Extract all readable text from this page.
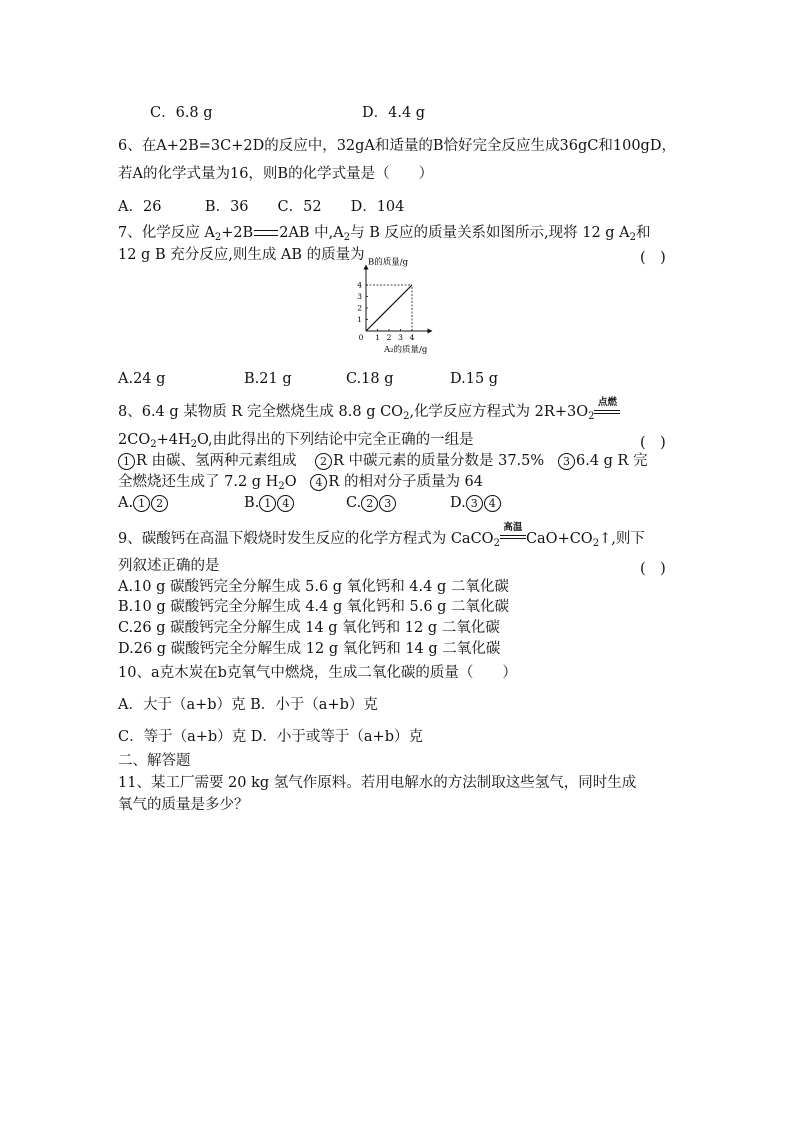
C．6.8 g	D．4.4 g
6、在A+2B=3C+2D的反应中，32gA和适量的B恰好完全反应生成36gC和100gD，
若A的化学式量为16，则B的化学式量是（　　）
A．26　　　B．36　　C．52　　D．104
7、化学反应 $A_2+2B$ 2AB 中$,A_2$与 B 反应的质量关系如图所示,现将 12 g $A_2$和
12 g B 充分反应,则生成 AB 的质量为	(　)
1 2 3 4
1
2
3
4
0
B的质量/g
A₂的质量/g
A.24 g	B.21 g	C.18 g	D.15 g
8、6.4 g 某物质 R 完全燃烧生成 8.8 g $CO_2$,化学反应方程式为 $2R+3O_2$
点燃
$2CO_2+4H_2O$,由此得出的下列结论中完全正确的一组是	(　)
1 R 由碳、氢两种元素组成 2 R 中碳元素的质量分数是 37.5% 3 6.4 g R 完
全燃烧还生成了 7.2 g $H_2O$ 4 R 的相对分子质量为 64
A. 1 2	B. 1 4	C. 2 3	D. 3 4
9、碳酸钙在高温下煅烧时发生反应的化学方程式为 CaCO$_2$
高温
$CaO+CO_2↑$,则下
列叙述正确的是	(　)
A.10 g 碳酸钙完全分解生成 5.6 g 氧化钙和 4.4 g 二氧化碳
B.10 g 碳酸钙完全分解生成 4.4 g 氧化钙和 5.6 g 二氧化碳
C.26 g 碳酸钙完全分解生成 14 g 氧化钙和 12 g 二氧化碳
D.26 g 碳酸钙完全分解生成 12 g 氧化钙和 14 g 二氧化碳
10、a克木炭在b克氧气中燃烧，生成二氧化碳的质量（　　）
A．大于（a+b）克 B．小于（a+b）克
C．等于（a+b）克 D．小于或等于（a+b）克
二、解答题
11、某工厂需要 20 kg 氢气作原料。若用电解水的方法制取这些氢气，同时生成
氧气的质量是多少？
